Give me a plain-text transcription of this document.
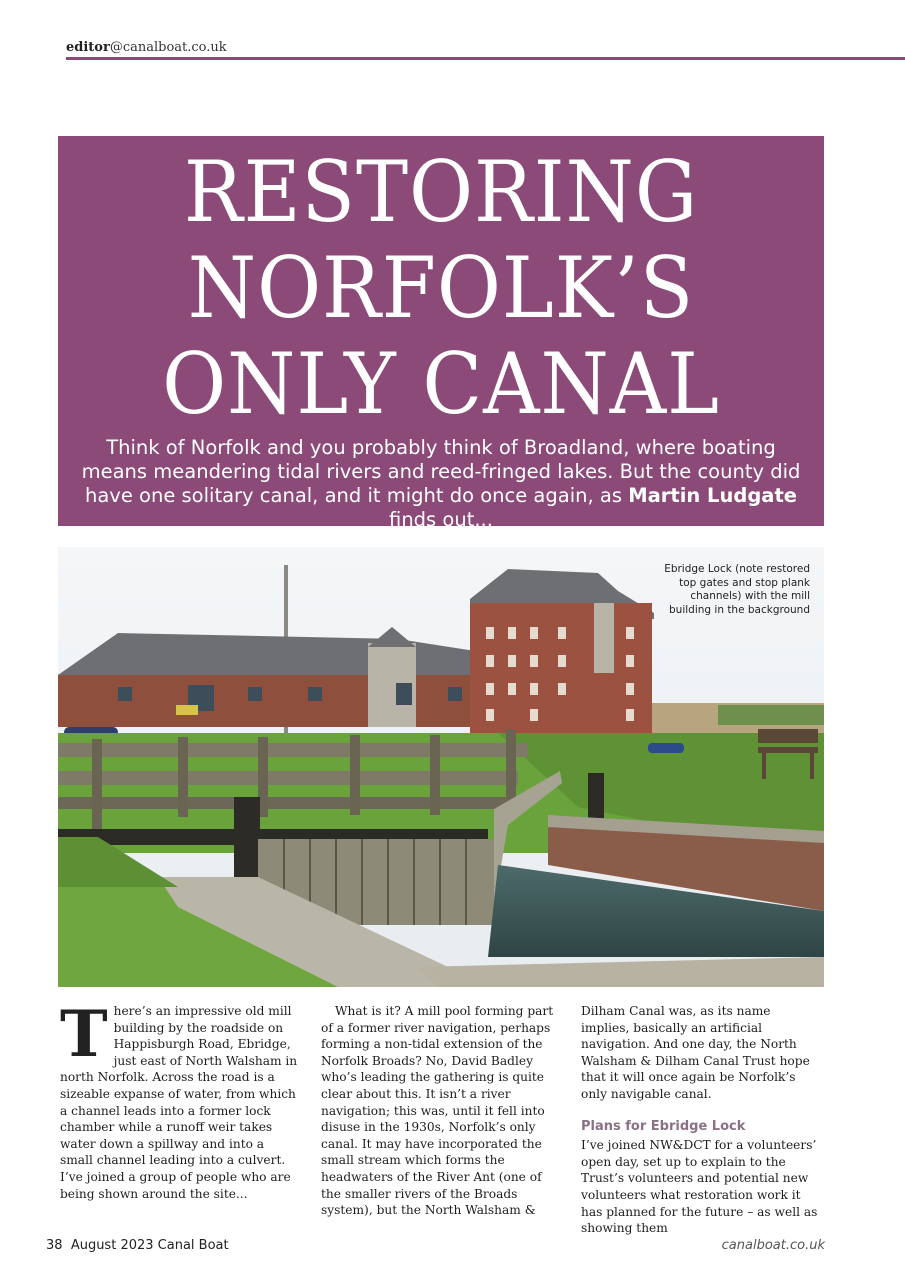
editor@canalboat.co.uk
RESTORING
NORFOLK’S
ONLY CANAL
Think of Norfolk and you probably think of Broadland, where boating means meandering tidal rivers and reed-fringed lakes. But the county did have one solitary canal, and it might do once again, as Martin Ludgate finds out...
Ebridge Lock (note restored top gates and stop plank channels) with the mill building in the background

There’s an impressive old mill building by the roadside on Happisburgh Road, Ebridge, just east of North Walsham in north Norfolk. Across the road is a sizeable expanse of water, from which a channel leads into a former lock chamber while a runoff weir takes water down a spillway and into a small channel leading into a culvert. I’ve joined a group of people who are being shown around the site...

What is it? A mill pool forming part of a former river navigation, perhaps forming a non-tidal extension of the Norfolk Broads? No, David Badley who’s leading the gathering is quite clear about this. It isn’t a river navigation; this was, until it fell into disuse in the 1930s, Norfolk’s only canal. It may have incorporated the small stream which forms the headwaters of the River Ant (one of the smaller rivers of the Broads system), but the North Walsham &

Dilham Canal was, as its name implies, basically an artificial navigation. And one day, the North Walsham & Dilham Canal Trust hope that it will once again be Norfolk’s only navigable canal.

Plans for Ebridge Lock

I’ve joined NW&DCT for a volunteers’ open day, set up to explain to the Trust’s volunteers and potential new volunteers what restoration work it has planned for the future – as well as showing them

38 August 2023 Canal Boat	canalboat.co.uk
